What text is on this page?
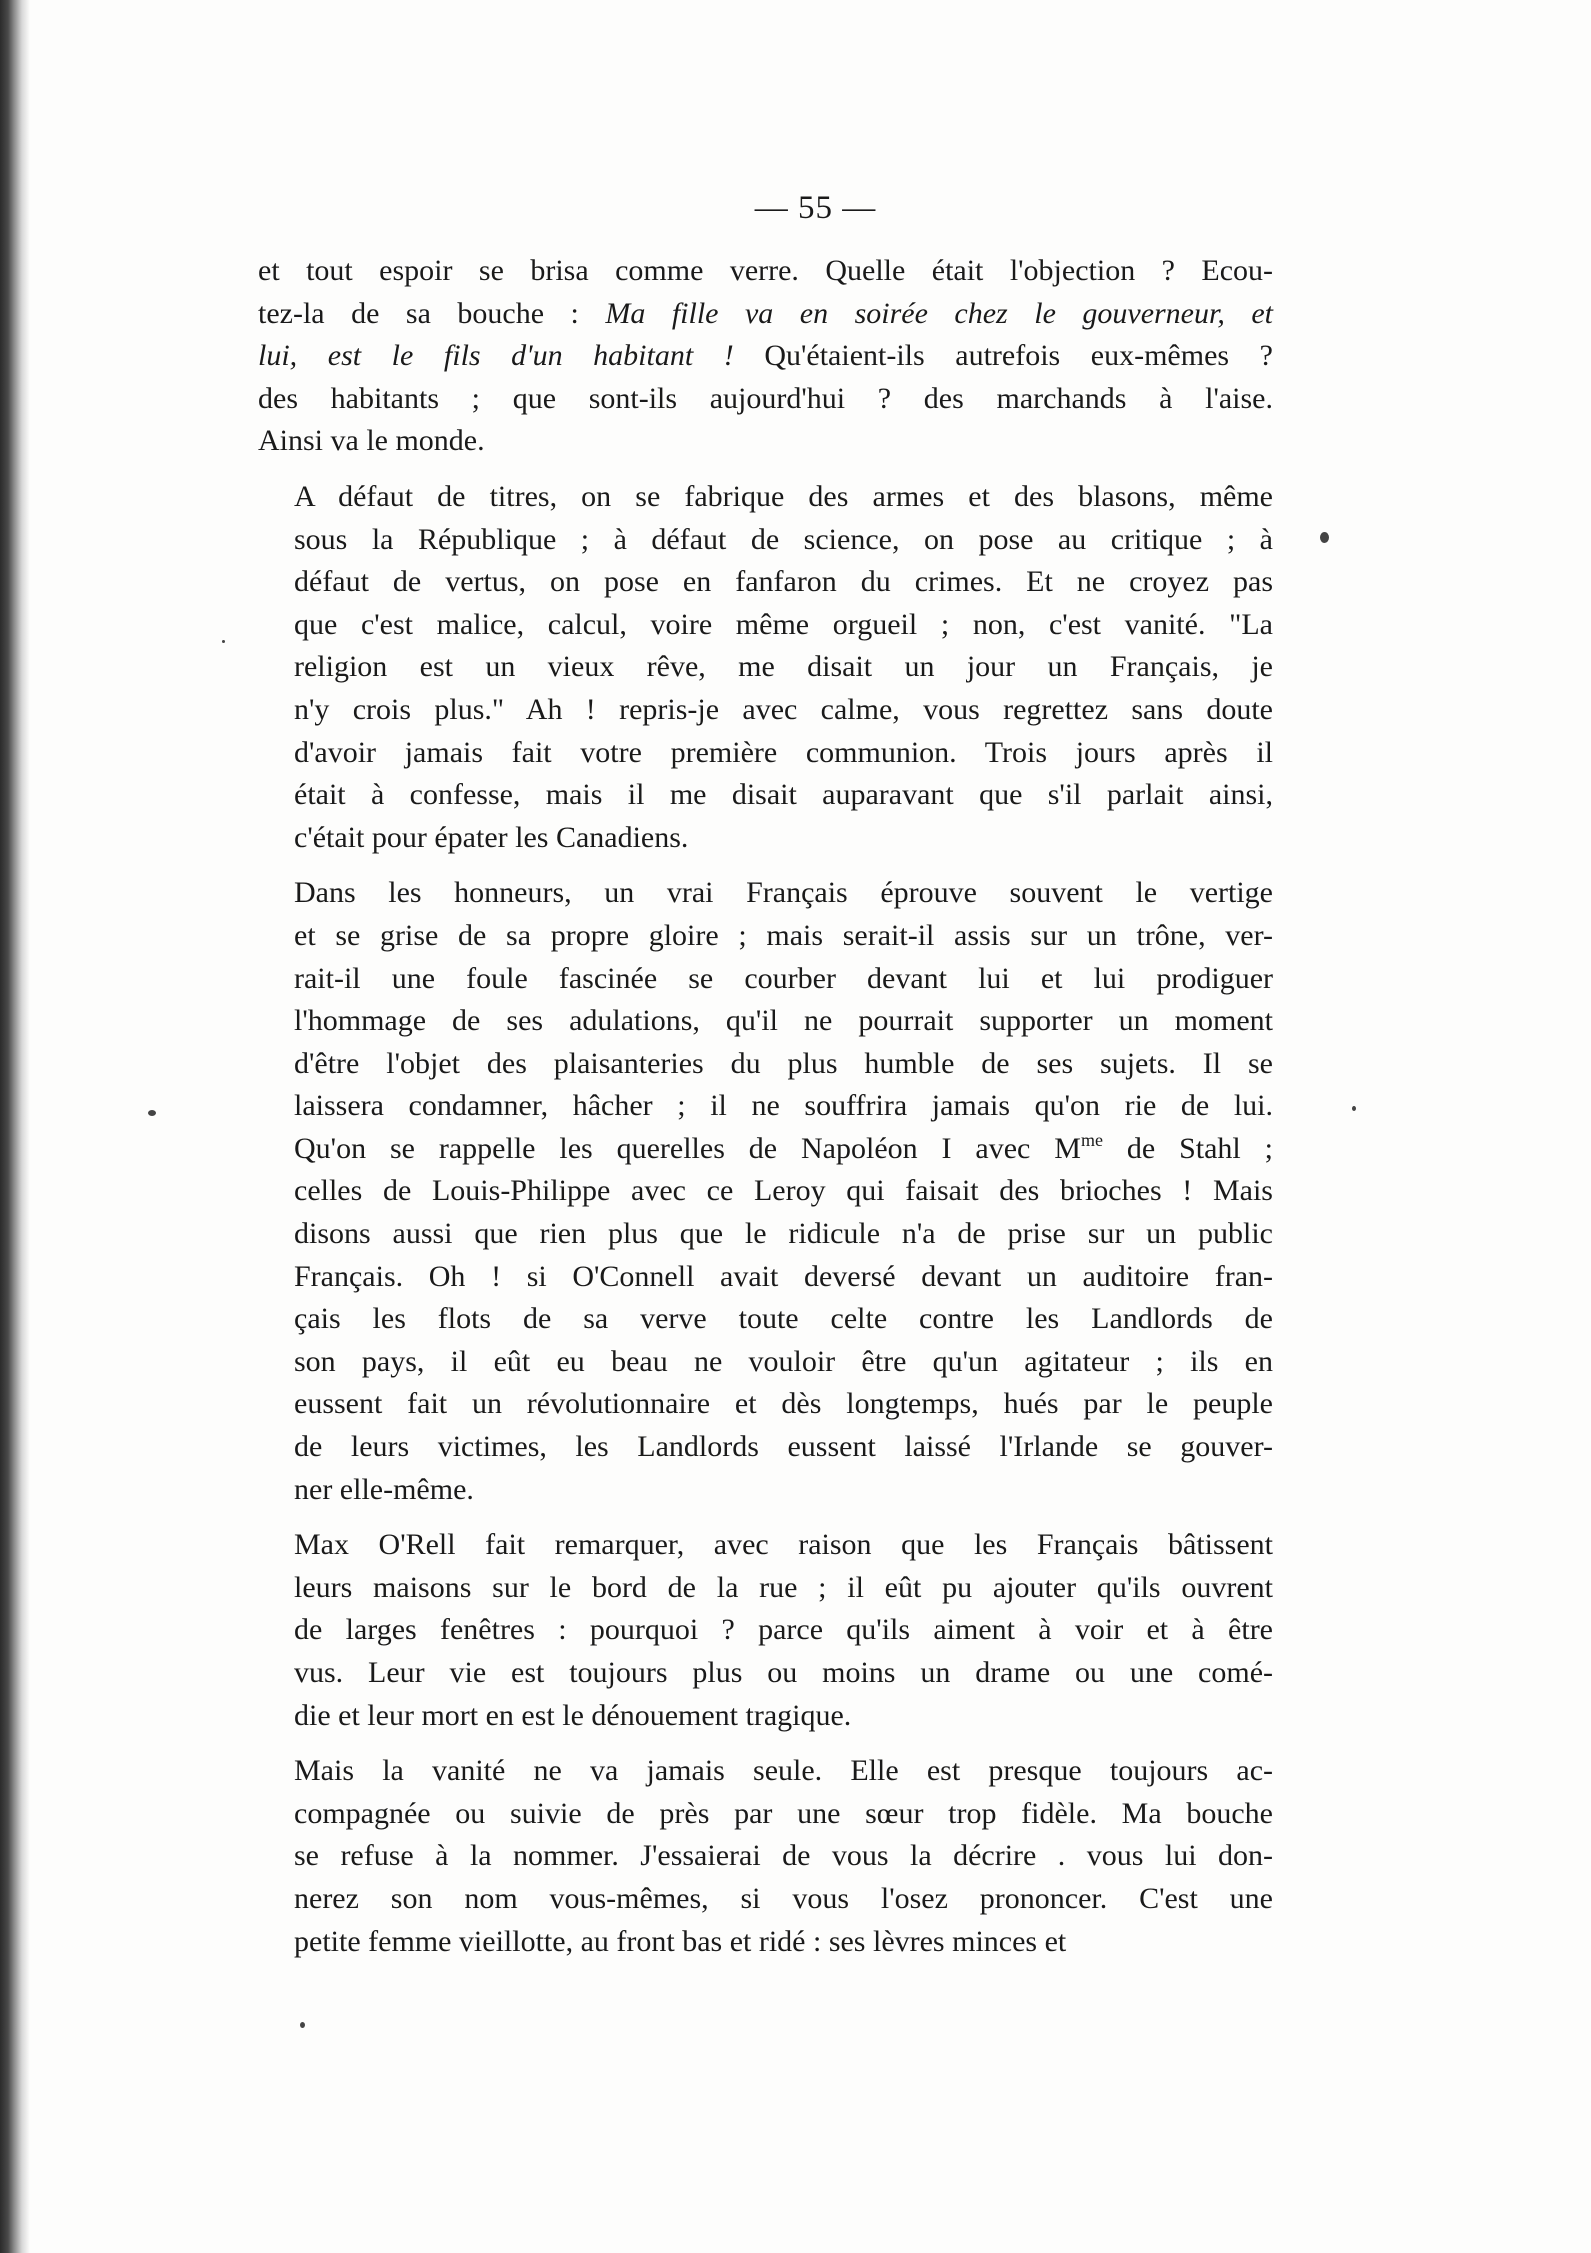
— 55 —
et tout espoir se brisa comme verre. Quelle était l'objection ? Ecou-
tez-la de sa bouche : Ma fille va en soirée chez le gouverneur, et
lui, est le fils d'un habitant ! Qu'étaient-ils autrefois eux-mêmes ?
des habitants ; que sont-ils aujourd'hui ? des marchands à l'aise.
Ainsi va le monde.
A défaut de titres, on se fabrique des armes et des blasons, même
sous la République ; à défaut de science, on pose au critique ; à
défaut de vertus, on pose en fanfaron du crimes. Et ne croyez pas
que c'est malice, calcul, voire même orgueil ; non, c'est vanité. "La
religion est un vieux rêve, me disait un jour un Français, je
n'y crois plus." Ah ! repris-je avec calme, vous regrettez sans doute
d'avoir jamais fait votre première communion. Trois jours après il
était à confesse, mais il me disait auparavant que s'il parlait ainsi,
c'était pour épater les Canadiens.
Dans les honneurs, un vrai Français éprouve souvent le vertige
et se grise de sa propre gloire ; mais serait-il assis sur un trône, ver-
rait-il une foule fascinée se courber devant lui et lui prodiguer
l'hommage de ses adulations, qu'il ne pourrait supporter un moment
d'être l'objet des plaisanteries du plus humble de ses sujets. Il se
laissera condamner, hâcher ; il ne souffrira jamais qu'on rie de lui.
Qu'on se rappelle les querelles de Napoléon I avec $M^{me}$ de Stahl ;
celles de Louis-Philippe avec ce Leroy qui faisait des brioches ! Mais
disons aussi que rien plus que le ridicule n'a de prise sur un public
Français. Oh ! si O'Connell avait deversé devant un auditoire fran-
çais les flots de sa verve toute celte contre les Landlords de
son pays, il eût eu beau ne vouloir être qu'un agitateur ; ils en
eussent fait un révolutionnaire et dès longtemps, hués par le peuple
de leurs victimes, les Landlords eussent laissé l'Irlande se gouver-
ner elle-même.
Max O'Rell fait remarquer, avec raison que les Français bâtissent
leurs maisons sur le bord de la rue ; il eût pu ajouter qu'ils ouvrent
de larges fenêtres : pourquoi ? parce qu'ils aiment à voir et à être
vus. Leur vie est toujours plus ou moins un drame ou une comé-
die et leur mort en est le dénouement tragique.
Mais la vanité ne va jamais seule. Elle est presque toujours ac-
compagnée ou suivie de près par une sœur trop fidèle. Ma bouche
se refuse à la nommer. J'essaierai de vous la décrire . vous lui don-
nerez son nom vous-mêmes, si vous l'osez prononcer. C'est une
petite femme vieillotte, au front bas et ridé : ses lèvres minces et
